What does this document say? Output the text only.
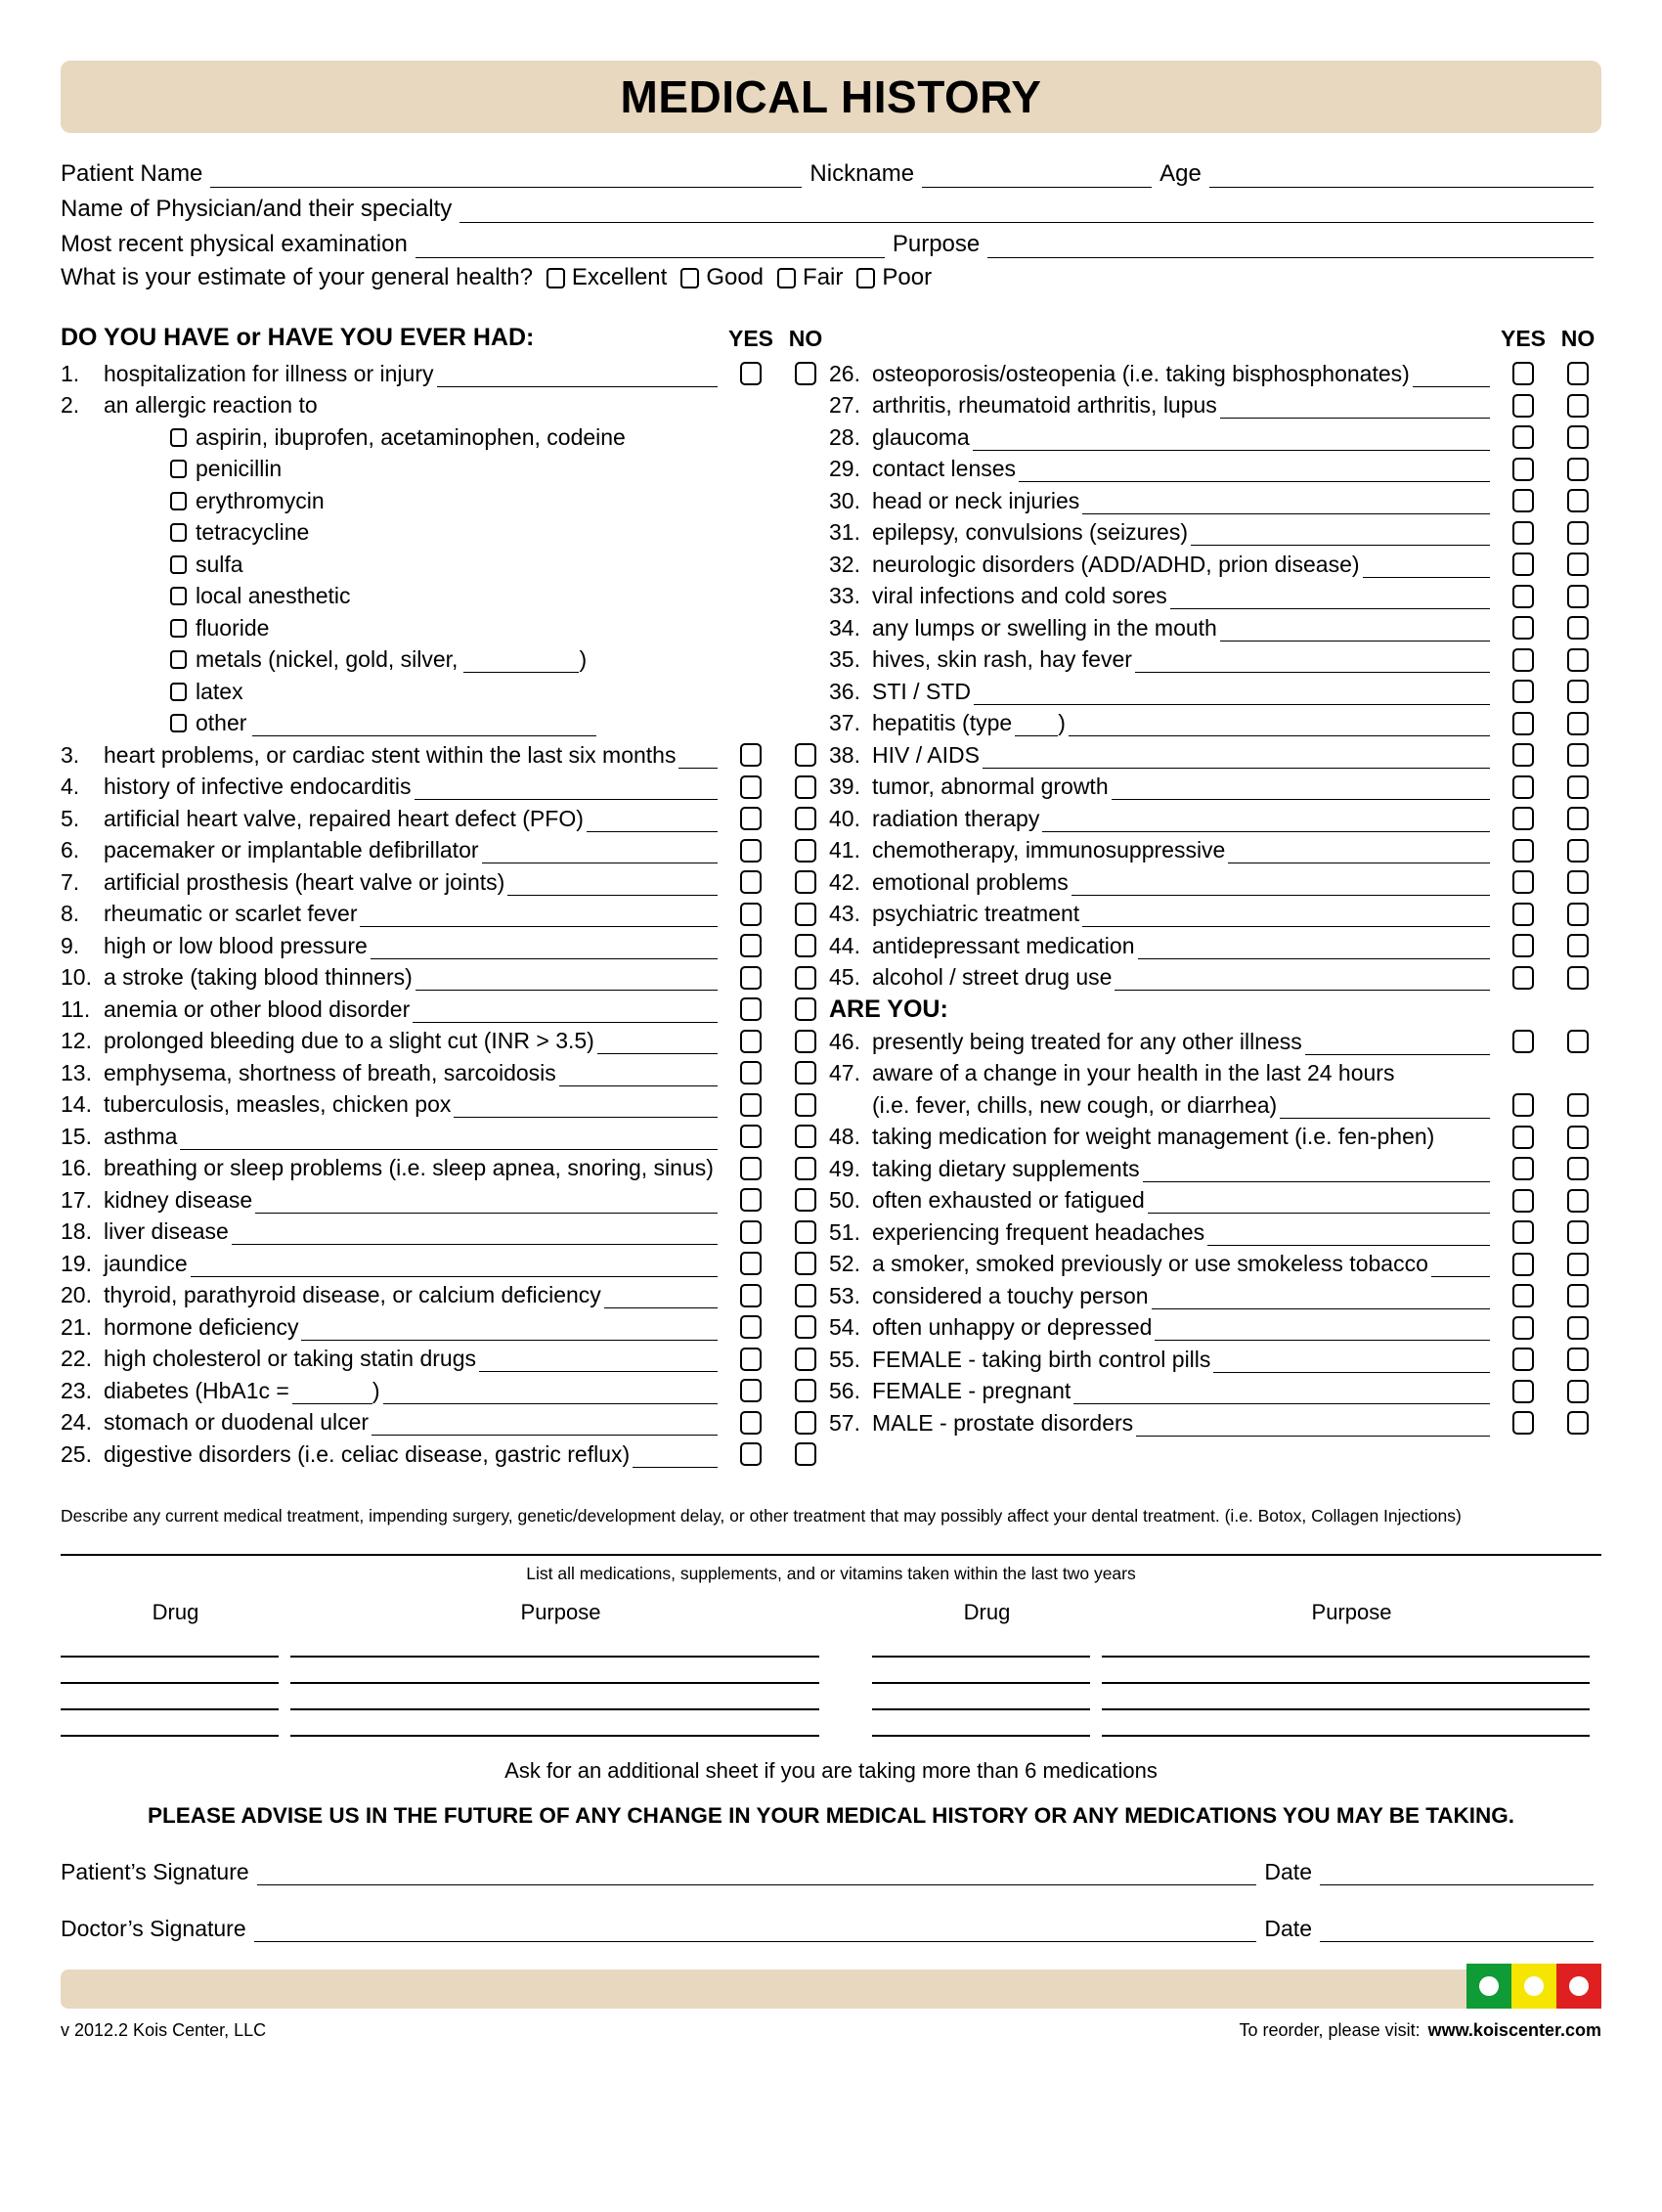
MEDICAL HISTORY
Patient Name	Nickname	Age
Name of Physician/and their specialty
Most recent physical examination	Purpose
What is your estimate of your general health? Excellent Good Fair Poor
DO YOU HAVE or HAVE YOU EVER HAD:	YES NO
1.	hospitalization for illness or injury
2.	an allergic reaction to
aspirin, ibuprofen, acetaminophen, codeine
penicillin
erythromycin
tetracycline
sulfa
local anesthetic
fluoride
metals (nickel, gold, silver,	)
latex
other
3.	heart problems, or cardiac stent within the last six months
4.	history of infective endocarditis
5.	artificial heart valve, repaired heart defect (PFO)
6.	pacemaker or implantable defibrillator
7.	artificial prosthesis (heart valve or joints)
8.	rheumatic or scarlet fever
9.	high or low blood pressure
10. a stroke (taking blood thinners)
11. anemia or other blood disorder
12. prolonged bleeding due to a slight cut (INR > 3.5)
13. emphysema, shortness of breath, sarcoidosis
14. tuberculosis, measles, chicken pox
15. asthma
16. breathing or sleep problems (i.e. sleep apnea, snoring, sinus)
17. kidney disease
18. liver disease
19. jaundice
20. thyroid, parathyroid disease, or calcium deficiency
21. hormone deficiency
22. high cholesterol or taking statin drugs
23. diabetes (HbA1c =	)
24. stomach or duodenal ulcer
25. digestive disorders (i.e. celiac disease, gastric reflux)
YES NO
26. osteoporosis/osteopenia (i.e. taking bisphosphonates)
27. arthritis, rheumatoid arthritis, lupus
28. glaucoma
29. contact lenses
30. head or neck injuries
31. epilepsy, convulsions (seizures)
32. neurologic disorders (ADD/ADHD, prion disease)
33. viral infections and cold sores
34. any lumps or swelling in the mouth
35. hives, skin rash, hay fever
36. STI / STD
37. hepatitis (type )
38. HIV / AIDS
39. tumor, abnormal growth
40. radiation therapy
41. chemotherapy, immunosuppressive
42. emotional problems
43. psychiatric treatment
44. antidepressant medication
45. alcohol / street drug use
ARE YOU:
46. presently being treated for any other illness
47. aware of a change in your health in the last 24 hours
(i.e. fever, chills, new cough, or diarrhea)
48. taking medication for weight management (i.e. fen-phen)
49. taking dietary supplements
50. often exhausted or fatigued
51. experiencing frequent headaches
52. a smoker, smoked previously or use smokeless tobacco
53. considered a touchy person
54. often unhappy or depressed
55. FEMALE - taking birth control pills
56. FEMALE - pregnant
57. MALE - prostate disorders
Describe any current medical treatment, impending surgery, genetic/development delay, or other treatment that may possibly affect your dental treatment. (i.e. Botox, Collagen Injections)
List all medications, supplements, and or vitamins taken within the last two years
Drug	Purpose	Drug	Purpose
Ask for an additional sheet if you are taking more than 6 medications
PLEASE ADVISE US IN THE FUTURE OF ANY CHANGE IN YOUR MEDICAL HISTORY OR ANY MEDICATIONS YOU MAY BE TAKING.
Patient’s Signature	Date
Doctor’s Signature	Date
v 2012.2 Kois Center, LLC	To reorder, please visit: www.koiscenter.com
